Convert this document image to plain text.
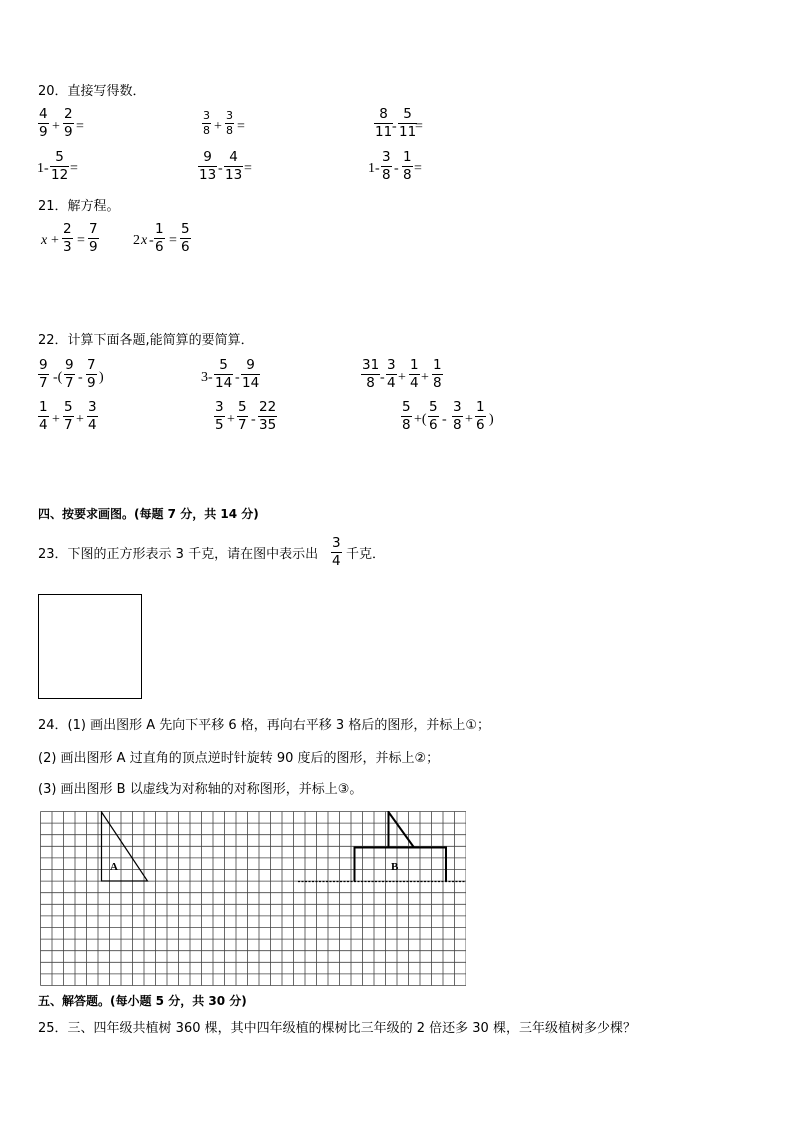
20．直接写得数．
4
9 +
2
9 =
3
8 +
3
8 =
8
11 -
5
11
=
1-
5
12 =
9
13 -
4
13 =	1-
3
8 -
1
8 =
21．解方程。
x +
2
3 =
7
9	2 x -
1
6 =
5
6
22．计算下面各题,能简算的要简算．
9
7 -(
9
7 -
7
9 )	3-
5
14 -
9
14
31
8 -
3
4 +
1
4 +
1
8
1
4 +
5
7 +
3
4
3
5 +
5
7 -
22
35
5
8 +(
5
6 -
3
8 +
1
6 )
四、按要求画图。(每题 7 分，共 14 分)
23．下图的正方形表示 3 千克，请在图中表示出
3
4 千克．
24．(1) 画出图形 A 先向下平移 6 格，再向右平移 3 格后的图形，并标上①；
(2) 画出图形 A 过直角的顶点逆时针旋转 90 度后的图形，并标上②；
(3) 画出图形 B 以虚线为对称轴的对称图形，并标上③。
A	B
五、解答题。(每小题 5 分，共 30 分)
25．三、四年级共植树 360 棵，其中四年级植的棵树比三年级的 2 倍还多 30 棵，三年级植树多少棵？
